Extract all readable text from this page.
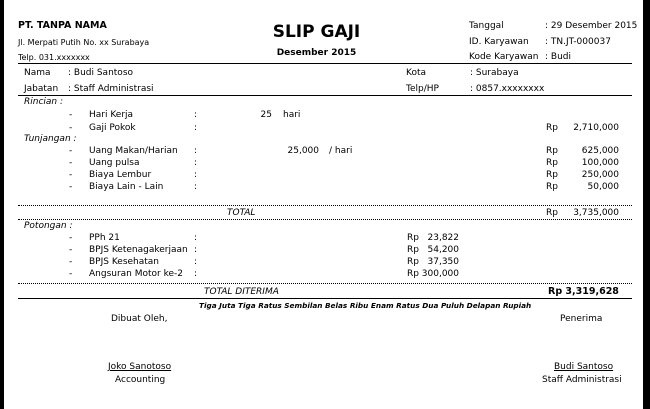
PT. TANPA NAMA
Jl. Merpati Putih No. xx Surabaya
Telp. 031.xxxxxxx
SLIP GAJI
Desember 2015
Tanggal	: 29 Desember 2015
ID. Karyawan : TN.JT-000037
Kode Karyawan : Budi
Nama : Budi Santoso
Jabatan : Staff Administrasi
Kota	: Surabaya
Telp/HP	: 0857.xxxxxxxx
Rincian :
- Hari Kerja	:	25 hari
- Gaji Pokok	:	Rp	2,710,000
Tunjangan :
- Uang Makan/Harian :	25,000 / hari	Rp	625,000
- Uang pulsa	:	Rp	100,000
- Biaya Lembur	:	Rp	250,000
- Biaya Lain - Lain	:	Rp	50,000
TOTAL	Rp	3,735,000
Potongan :
- PPh 21	:	Rp 23,822
- BPJS Ketenagakerjaan :	Rp 54,200
- BPJS Kesehatan	:	Rp 37,350
- Angsuran Motor ke-2 :	Rp 300,000
TOTAL DITERIMA	Rp 3,319,628
Tiga Juta Tiga Ratus Sembilan Belas Ribu Enam Ratus Dua Puluh Delapan Rupiah
Dibuat Oleh,
Joko Sanotoso
Accounting
Penerima
Budi Santoso
Staff Administrasi
